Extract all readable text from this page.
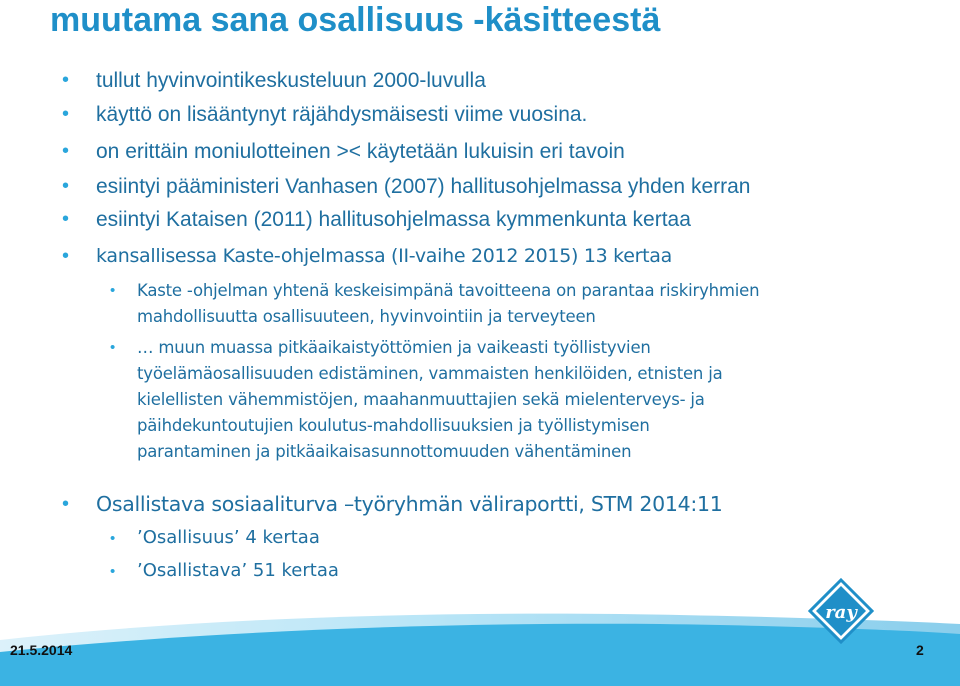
muutama sana osallisuus -käsitteestä
• tullut hyvinvointikeskusteluun 2000-luvulla
• käyttö on lisääntynyt räjähdysmäisesti viime vuosina.
• on erittäin moniulotteinen >< käytetään lukuisin eri tavoin
• esiintyi pääministeri Vanhasen (2007) hallitusohjelmassa yhden kerran
• esiintyi Kataisen (2011) hallitusohjelmassa kymmenkunta kertaa
• kansallisessa Kaste-ohjelmassa (II-vaihe 2012 2015) 13 kertaa
• Kaste -ohjelman yhtenä keskeisimpänä tavoitteena on parantaa riskiryhmien
mahdollisuutta osallisuuteen, hyvinvointiin ja terveyteen
• … muun muassa pitkäaikaistyöttömien ja vaikeasti työllistyvien
työelämäosallisuuden edistäminen, vammaisten henkilöiden, etnisten ja
kielellisten vähemmistöjen, maahanmuuttajien sekä mielenterveys- ja
päihdekuntoutujien koulutus-mahdollisuuksien ja työllistymisen
parantaminen ja pitkäaikaisasunnottomuuden vähentäminen
• Osallistava sosiaaliturva –työryhmän väliraportti, STM 2014:11
• ’Osallisuus’ 4 kertaa
• ’Osallistava’ 51 kertaa
ray
21.5.2014	2
